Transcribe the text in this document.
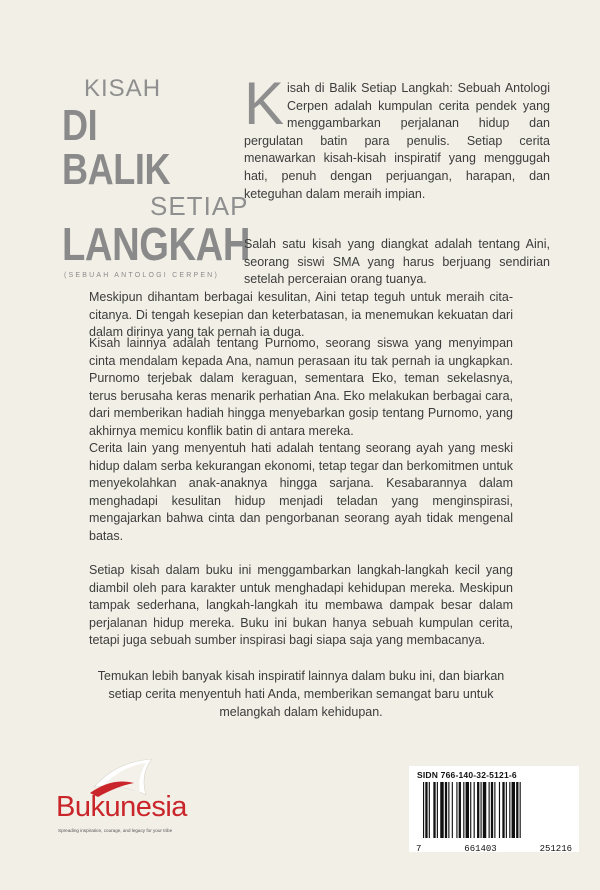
KISAH
DI BALIK
SETIAP
LANGKAH
(SEBUAH ANTOLOGI CERPEN)
Kisah di Balik Setiap Langkah: Sebuah Antologi Cerpen adalah kumpulan cerita pendek yang menggambarkan perjalanan hidup dan pergulatan batin para penulis. Setiap cerita menawarkan kisah-kisah inspiratif yang menggugah hati, penuh dengan perjuangan, harapan, dan keteguhan dalam meraih impian.
Salah satu kisah yang diangkat adalah tentang Aini, seorang siswi SMA yang harus berjuang sendirian setelah perceraian orang tuanya.
Meskipun dihantam berbagai kesulitan, Aini tetap teguh untuk meraih cita-citanya. Di tengah kesepian dan keterbatasan, ia menemukan kekuatan dari dalam dirinya yang tak pernah ia duga.
Kisah lainnya adalah tentang Purnomo, seorang siswa yang menyimpan cinta mendalam kepada Ana, namun perasaan itu tak pernah ia ungkapkan. Purnomo terjebak dalam keraguan, sementara Eko, teman sekelasnya, terus berusaha keras menarik perhatian Ana. Eko melakukan berbagai cara, dari memberikan hadiah hingga menyebarkan gosip tentang Purnomo, yang akhirnya memicu konflik batin di antara mereka.
Cerita lain yang menyentuh hati adalah tentang seorang ayah yang meski hidup dalam serba kekurangan ekonomi, tetap tegar dan berkomitmen untuk menyekolahkan anak-anaknya hingga sarjana. Kesabarannya dalam menghadapi kesulitan hidup menjadi teladan yang menginspirasi, mengajarkan bahwa cinta dan pengorbanan seorang ayah tidak mengenal batas.
Setiap kisah dalam buku ini menggambarkan langkah-langkah kecil yang diambil oleh para karakter untuk menghadapi kehidupan mereka. Meskipun tampak sederhana, langkah-langkah itu membawa dampak besar dalam perjalanan hidup mereka. Buku ini bukan hanya sebuah kumpulan cerita, tetapi juga sebuah sumber inspirasi bagi siapa saja yang membacanya.
Temukan lebih banyak kisah inspiratif lainnya dalam buku ini, dan biarkan setiap cerita menyentuh hati Anda, memberikan semangat baru untuk melangkah dalam kehidupan.
Bukunesia
Spreading inspiration, courage, and legacy for your tribe
SIDN 766-140-32-5121-6
7	661403	251216
